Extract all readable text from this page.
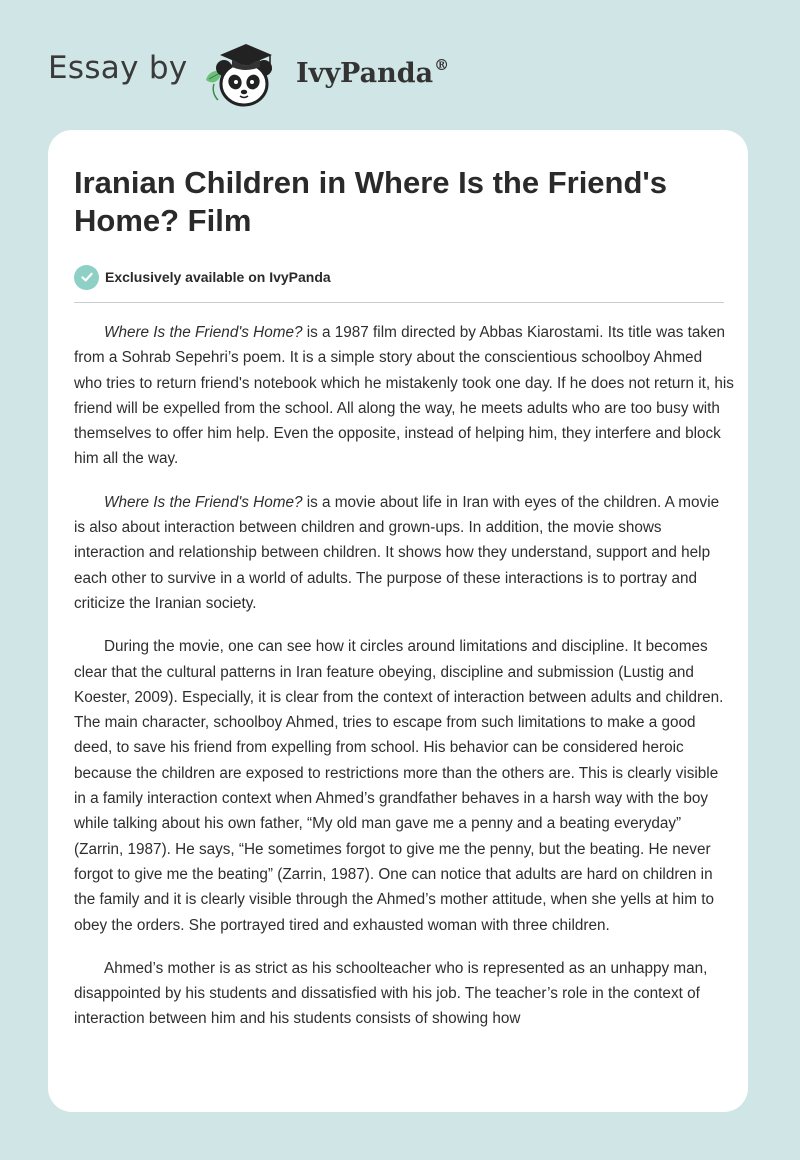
Essay by	IvyPanda®
Iranian Children in Where Is the Friend's Home? Film
Exclusively available on IvyPanda

Where Is the Friend's Home? is a 1987 film directed by Abbas Kiarostami. Its title was taken from a Sohrab Sepehri’s poem. It is a simple story about the conscientious schoolboy Ahmed who tries to return friend's notebook which he mistakenly took one day. If he does not return it, his friend will be expelled from the school. All along the way, he meets adults who are too busy with themselves to offer him help. Even the opposite, instead of helping him, they interfere and block him all the way.

Where Is the Friend's Home? is a movie about life in Iran with eyes of the children. A movie is also about interaction between children and grown-ups. In addition, the movie shows interaction and relationship between children. It shows how they understand, support and help each other to survive in a world of adults. The purpose of these interactions is to portray and criticize the Iranian society.

During the movie, one can see how it circles around limitations and discipline. It becomes clear that the cultural patterns in Iran feature obeying, discipline and submission (Lustig and Koester, 2009). Especially, it is clear from the context of interaction between adults and children. The main character, schoolboy Ahmed, tries to escape from such limitations to make a good deed, to save his friend from expelling from school. His behavior can be considered heroic because the children are exposed to restrictions more than the others are. This is clearly visible in a family interaction context when Ahmed’s grandfather behaves in a harsh way with the boy while talking about his own father, “My old man gave me a penny and a beating everyday” (Zarrin, 1987). He says, “He sometimes forgot to give me the penny, but the beating. He never forgot to give me the beating” (Zarrin, 1987). One can notice that adults are hard on children in the family and it is clearly visible through the Ahmed’s mother attitude, when she yells at him to obey the orders. She portrayed tired and exhausted woman with three children.

Ahmed’s mother is as strict as his schoolteacher who is represented as an unhappy man, disappointed by his students and dissatisfied with his job. The teacher’s role in the context of interaction between him and his students consists of showing how
